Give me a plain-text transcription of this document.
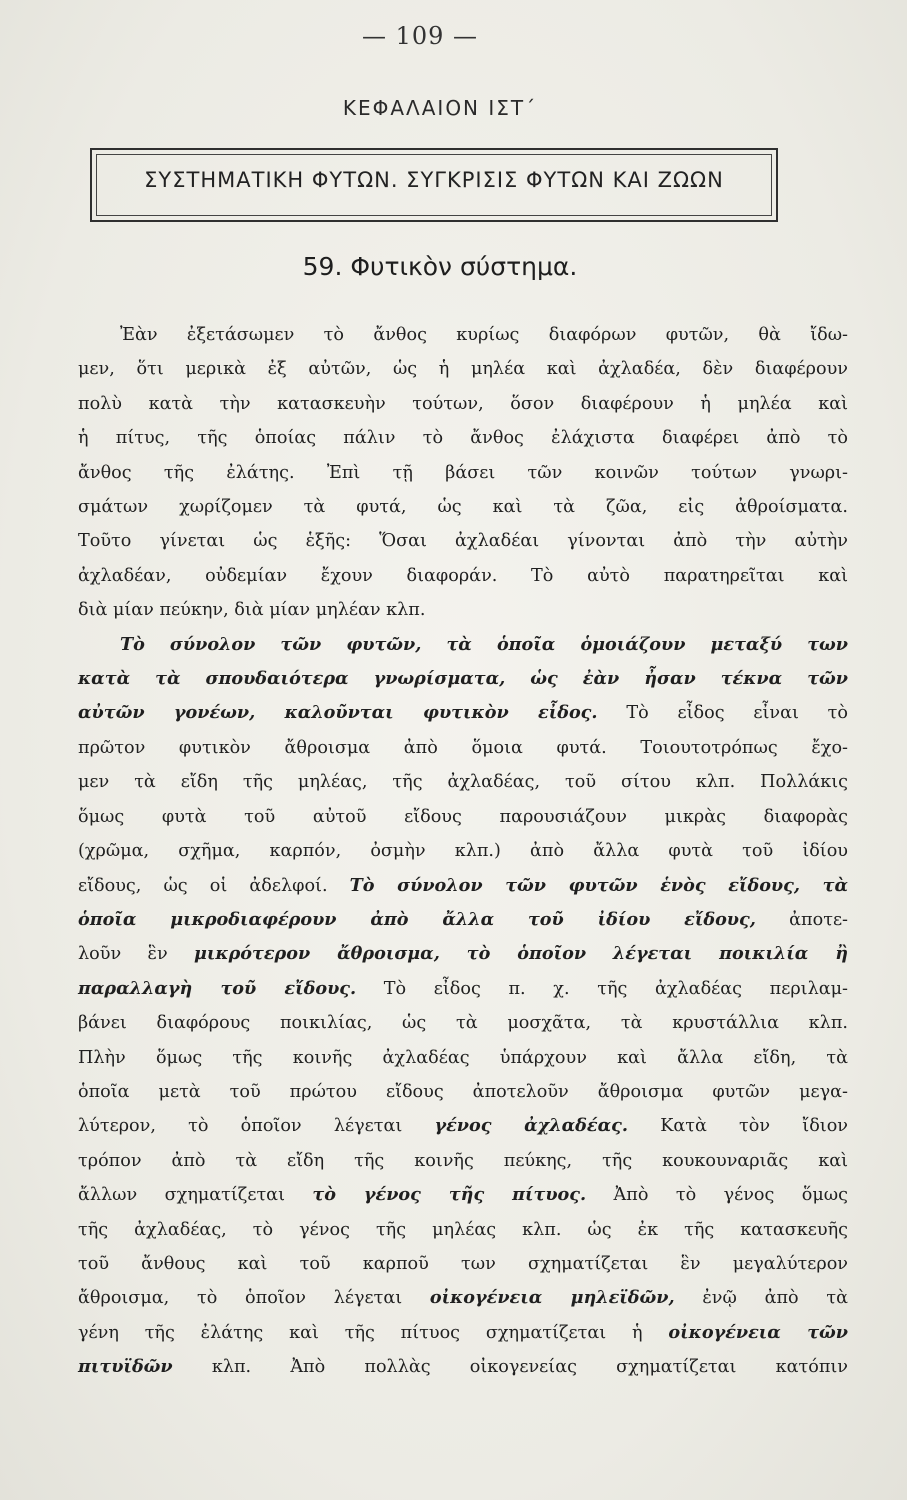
— 109 —
ΚΕΦΑΛΑΙΟΝ ΙΣΤ΄
ΣΥΣΤΗΜΑΤΙΚΗ ΦΥΤΩΝ. ΣΥΓΚΡΙΣΙΣ ΦΥΤΩΝ ΚΑΙ ΖΩΩΝ
59. Φυτικὸν σύστημα.
Ἐὰν ἐξετάσωμεν τὸ ἄνθος κυρίως διαφόρων φυτῶν, θὰ ἴδω-
μεν, ὅτι μερικὰ ἐξ αὐτῶν, ὡς ἡ μηλέα καὶ ἀχλαδέα, δὲν διαφέρουν
πολὺ κατὰ τὴν κατασκευὴν τούτων, ὅσον διαφέρουν ἡ μηλέα καὶ
ἡ πίτυς, τῆς ὁποίας πάλιν τὸ ἄνθος ἐλάχιστα διαφέρει ἀπὸ τὸ
ἄνθος τῆς ἐλάτης. Ἐπὶ τῇ βάσει τῶν κοινῶν τούτων γνωρι-
σμάτων χωρίζομεν τὰ φυτά, ὡς καὶ τὰ ζῶα, εἰς ἀθροίσματα.
Τοῦτο γίνεται ὡς ἑξῆς: Ὅσαι ἀχλαδέαι γίνονται ἀπὸ τὴν αὐτὴν
ἀχλαδέαν, οὐδεμίαν ἔχουν διαφοράν. Τὸ αὐτὸ παρατηρεῖται καὶ
διὰ μίαν πεύκην, διὰ μίαν μηλέαν κλπ.
Τὸ σύνολον τῶν φυτῶν, τὰ ὁποῖα ὁμοιάζουν μεταξύ των
κατὰ τὰ σπουδαιότερα γνωρίσματα, ὡς ἐὰν ἦσαν τέκνα τῶν
αὐτῶν γονέων, καλοῦνται φυτικὸν εἶδος. Τὸ εἶδος εἶναι τὸ
πρῶτον φυτικὸν ἄθροισμα ἀπὸ ὅμοια φυτά. Τοιουτοτρόπως ἔχο-
μεν τὰ εἴδη τῆς μηλέας, τῆς ἀχλαδέας, τοῦ σίτου κλπ. Πολλάκις
ὅμως φυτὰ τοῦ αὐτοῦ εἴδους παρουσιάζουν μικρὰς διαφορὰς
(χρῶμα, σχῆμα, καρπόν, ὀσμὴν κλπ.) ἀπὸ ἄλλα φυτὰ τοῦ ἰδίου
εἴδους, ὡς οἱ ἀδελφοί. Τὸ σύνολον τῶν φυτῶν ἑνὸς εἴδους, τὰ
ὁποῖα μικροδιαφέρουν ἀπὸ ἄλλα τοῦ ἰδίου εἴδους, ἀποτε-
λοῦν ἓν μικρότερον ἄθροισμα, τὸ ὁποῖον λέγεται ποικιλία ἢ
παραλλαγὴ τοῦ εἴδους. Τὸ εἶδος π. χ. τῆς ἀχλαδέας περιλαμ-
βάνει διαφόρους ποικιλίας, ὡς τὰ μοσχᾶτα, τὰ κρυστάλλια κλπ.
Πλὴν ὅμως τῆς κοινῆς ἀχλαδέας ὑπάρχουν καὶ ἄλλα εἴδη, τὰ
ὁποῖα μετὰ τοῦ πρώτου εἴδους ἀποτελοῦν ἄθροισμα φυτῶν μεγα-
λύτερον, τὸ ὁποῖον λέγεται γένος ἀχλαδέας. Κατὰ τὸν ἴδιον
τρόπον ἀπὸ τὰ εἴδη τῆς κοινῆς πεύκης, τῆς κουκουναριᾶς καὶ
ἄλλων σχηματίζεται τὸ γένος τῆς πίτυος. Ἀπὸ τὸ γένος ὅμως
τῆς ἀχλαδέας, τὸ γένος τῆς μηλέας κλπ. ὡς ἐκ τῆς κατασκευῆς
τοῦ ἄνθους καὶ τοῦ καρποῦ των σχηματίζεται ἓν μεγαλύτερον
ἄθροισμα, τὸ ὁποῖον λέγεται οἰκογένεια μηλεϊδῶν, ἐνῷ ἀπὸ τὰ
γένη τῆς ἐλάτης καὶ τῆς πίτυος σχηματίζεται ἡ οἰκογένεια τῶν
πιτυϊδῶν κλπ. Ἀπὸ πολλὰς οἰκογενείας σχηματίζεται κατόπιν
